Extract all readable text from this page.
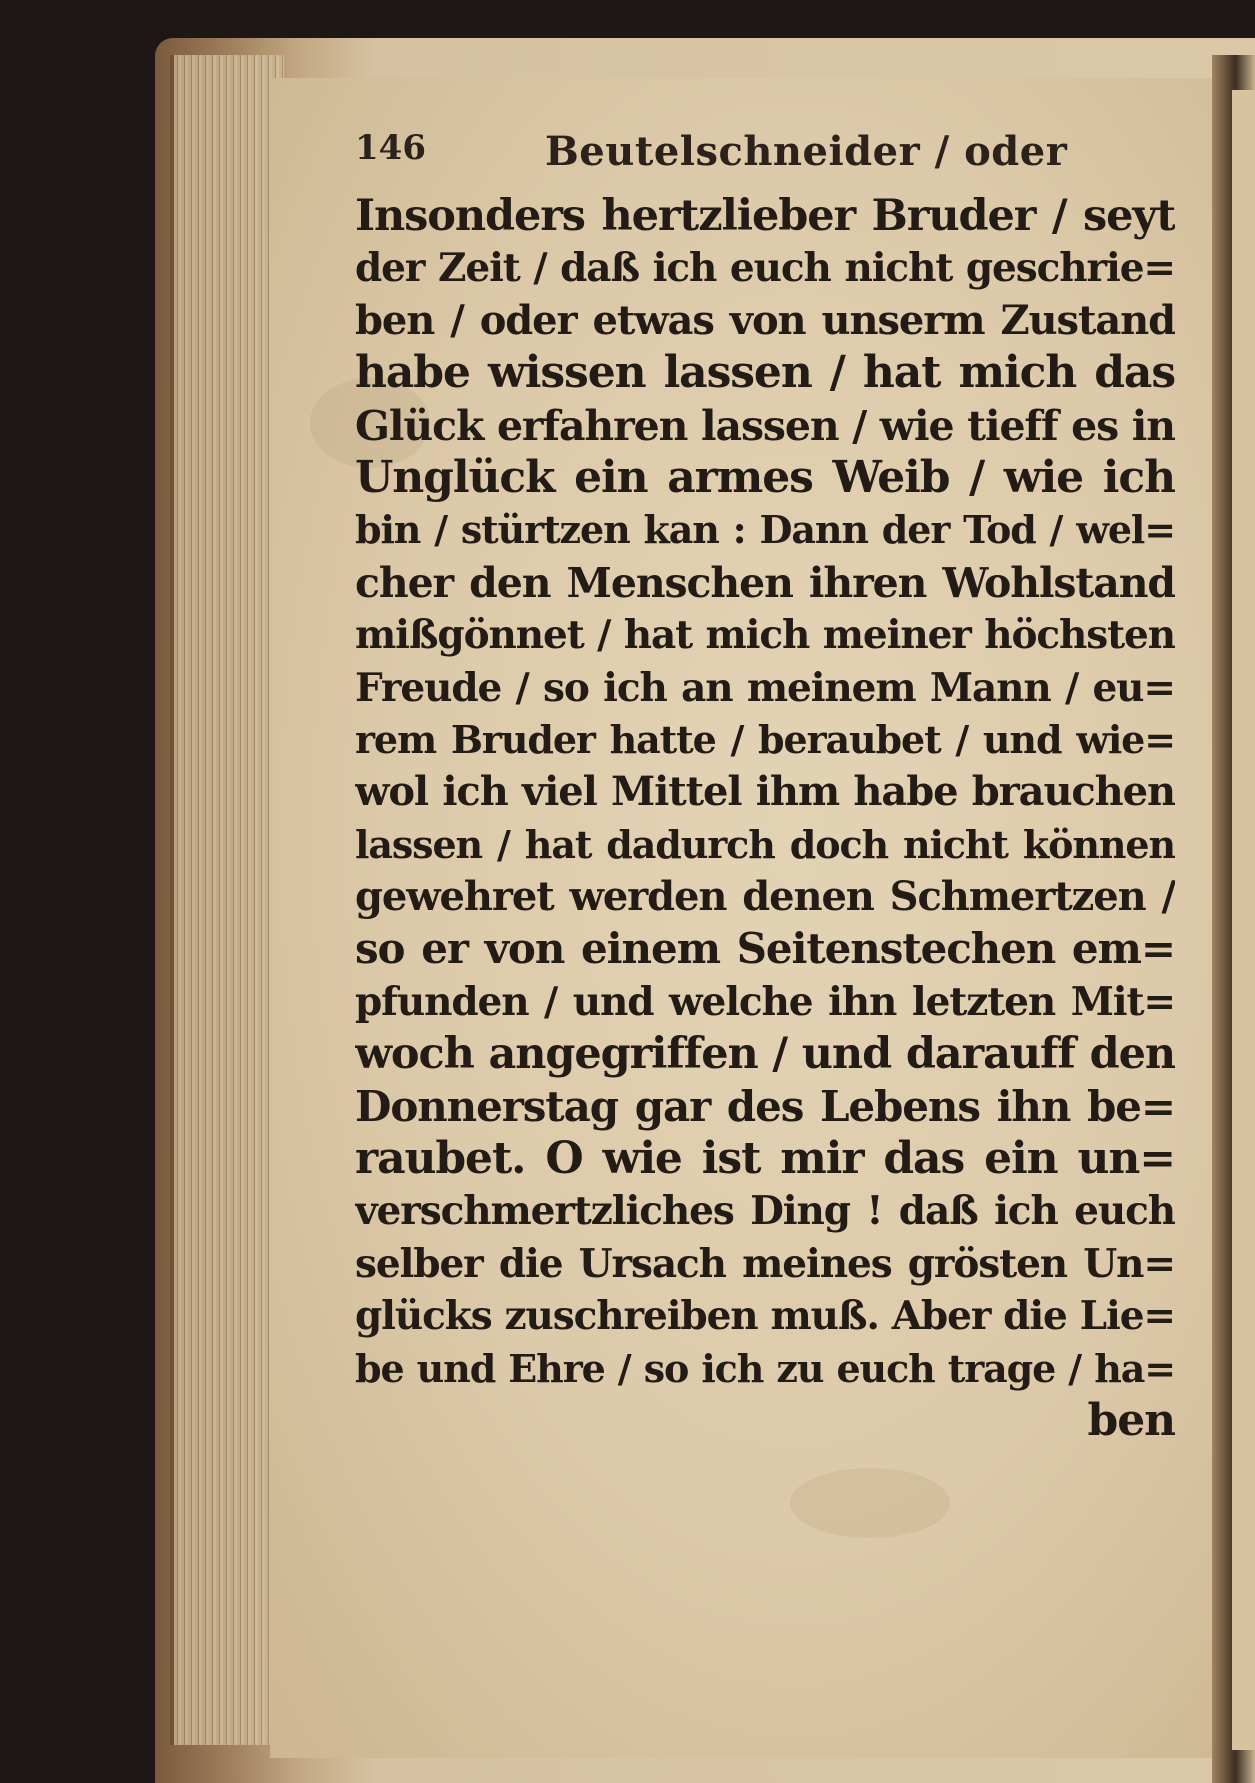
146	Beutelschneider / oder
Insonders hertzlieber Bruder / seyt
der Zeit / daß ich euch nicht geschrie=
ben / oder etwas von unserm Zustand
habe wissen lassen / hat mich das
Glück erfahren lassen / wie tieff es in
Unglück ein armes Weib / wie ich
bin / stürtzen kan : Dann der Tod / wel=
cher den Menschen ihren Wohlstand
mißgönnet / hat mich meiner höchsten
Freude / so ich an meinem Mann / eu=
rem Bruder hatte / beraubet / und wie=
wol ich viel Mittel ihm habe brauchen
lassen / hat dadurch doch nicht können
gewehret werden denen Schmertzen /
so er von einem Seitenstechen em=
pfunden / und welche ihn letzten Mit=
woch angegriffen / und darauff den
Donnerstag gar des Lebens ihn be=
raubet. O wie ist mir das ein un=
verschmertzliches Ding ! daß ich euch
selber die Ursach meines grösten Un=
glücks zuschreiben muß. Aber die Lie=
be und Ehre / so ich zu euch trage / ha=
ben
